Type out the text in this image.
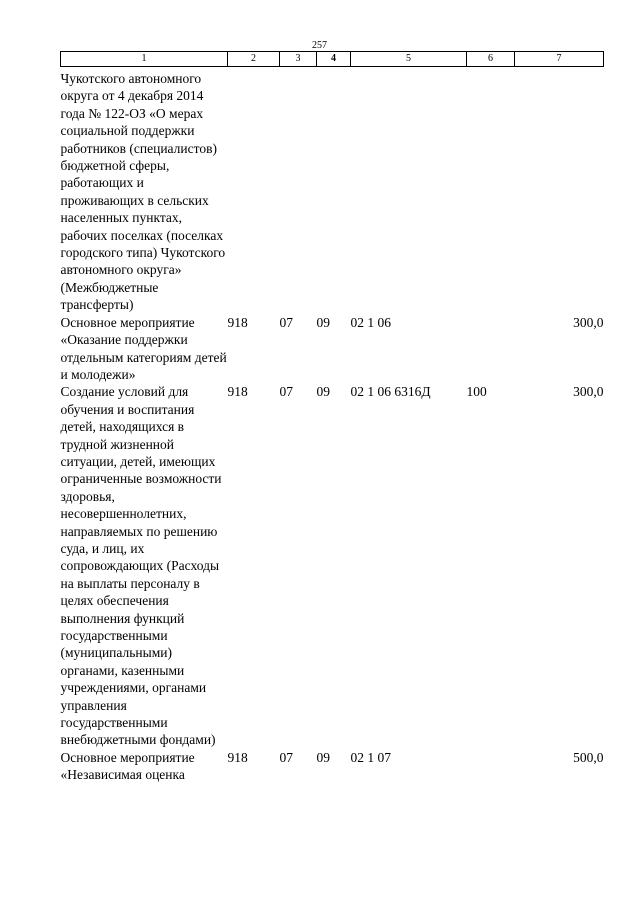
257
1	2	3	4	5	6	7
Чукотского автономного округа от 4 декабря 2014 года № 122-ОЗ «О мерах социальной поддержки работников (специалистов) бюджетной сферы, работающих и проживающих в сельских населенных пунктах, рабочих поселках (поселках городского типа) Чукотского автономного округа» (Межбюджетные трансферты)						
Основное мероприятие «Оказание поддержки отдельным категориям детей и молодежи»	918	07	09	02 1 06		300,0
Создание условий для обучения и воспитания детей, находящихся в трудной жизненной ситуации, детей, имеющих ограниченные возможности здоровья, несовершеннолетних, направляемых по решению суда, и лиц, их сопровождающих (Расходы на выплаты персоналу в целях обеспечения выполнения функций государственными (муниципальными) органами, казенными учреждениями, органами управления государственными внебюджетными фондами)	918	07	09	02 1 06 6316Д	100	300,0
Основное мероприятие «Независимая оценка	918	07	09	02 1 07		500,0
